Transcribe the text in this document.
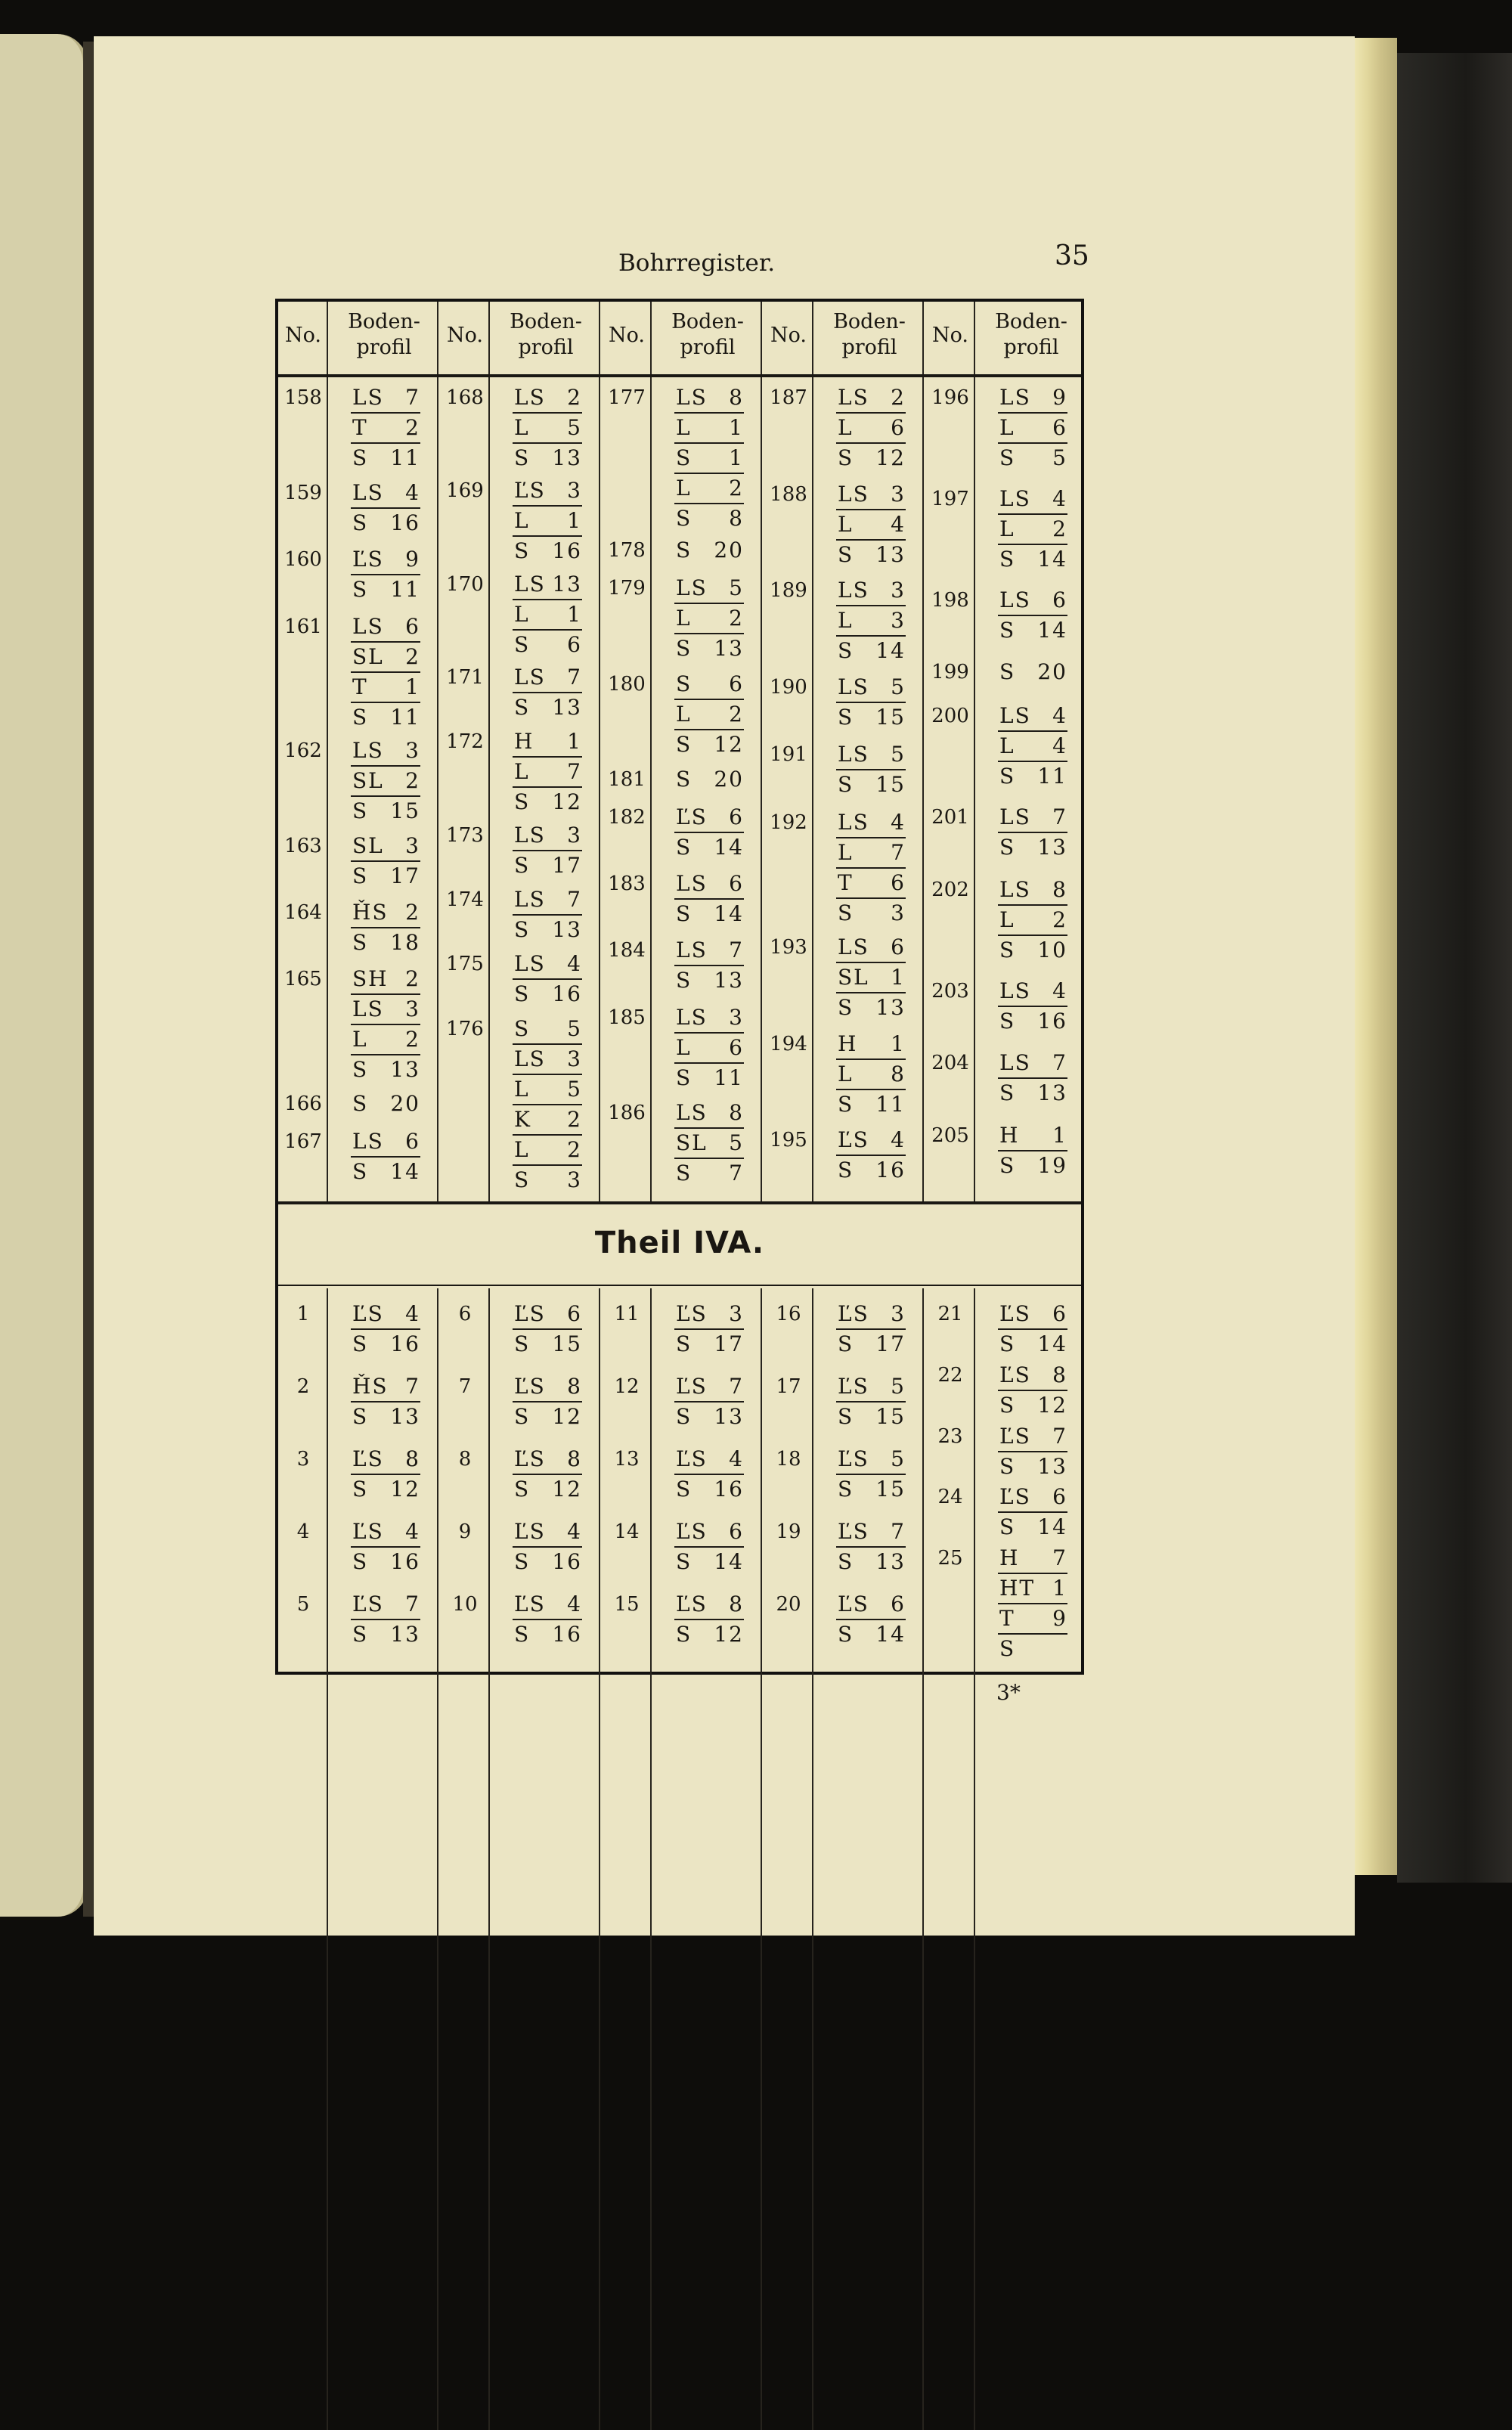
Bohrregister.	35
Theil IVA.
No.
Boden-
profil
No.
Boden-
profil
No.
Boden-
profil
No.
Boden-
profil
No.
Boden-
profil
158 LS 7
T 2
S 11
159 LS 4
S 16
160 ĽS 9
S 11
161 LS 6
SL 2
T 1
S 11
162 LS 3
SL 2
S 15
163 SL 3
S 17
164 ȞS 2
S 18
165 SH 2
LS 3
L 2
S 13
166 S 20
167 LS 6
S 14
168 LS 2
L 5
S 13
169 ĽS 3
L 1
S 16
170 LS 13
L 1
S 6
171 LS 7
S 13
172 H 1
L 7
S 12
173 LS 3
S 17
174 LS 7
S 13
175 LS 4
S 16
176 S 5
LS 3
L 5
K 2
L 2
S 3
177 LS 8
L 1
S 1
L 2
S 8
178 S 20
179 LS 5
L 2
S 13
180 S 6
L 2
S 12
181 S 20
182 ĽS 6
S 14
183 LS 6
S 14
184 LS 7
S 13
185 LS 3
L 6
S 11
186 LS 8
SL 5
S 7
187 LS 2
L 6
S 12
188 LS 3
L 4
S 13
189 LS 3
L 3
S 14
190 LS 5
S 15
191 LS 5
S 15
192 LS 4
L 7
T 6
S 3
193 LS 6
SL 1
S 13
194 H 1
L 8
S 11
195 ĽS 4
S 16
196 LS 9
L 6
S 5
197 LS 4
L 2
S 14
198 LS 6
S 14
199 S 20
200 LS 4
L 4
S 11
201 LS 7
S 13
202 LS 8
L 2
S 10
203 LS 4
S 16
204 LS 7
S 13
205 H 1
S 19
1	ĽS 4
S 16
2	ȞS 7
S 13
3	ĽS 8
S 12
4	ĽS 4
S 16
5	ĽS 7
S 13
6	ĽS 6
S 15
7	ĽS 8
S 12
8	ĽS 8
S 12
9	ĽS 4
S 16
10	ĽS 4
S 16
11	ĽS 3
S 17
12	ĽS 7
S 13
13	ĽS 4
S 16
14	ĽS 6
S 14
15	ĽS 8
S 12
16	ĽS 3
S 17
17	ĽS 5
S 15
18	ĽS 5
S 15
19	ĽS 7
S 13
20	ĽS 6
S 14
21	ĽS 6
S 14
22	ĽS 8
S 12
23	ĽS 7
S 13
24	ĽS 6
S 14
25	H 7
HT 1
T 9
S
3*
